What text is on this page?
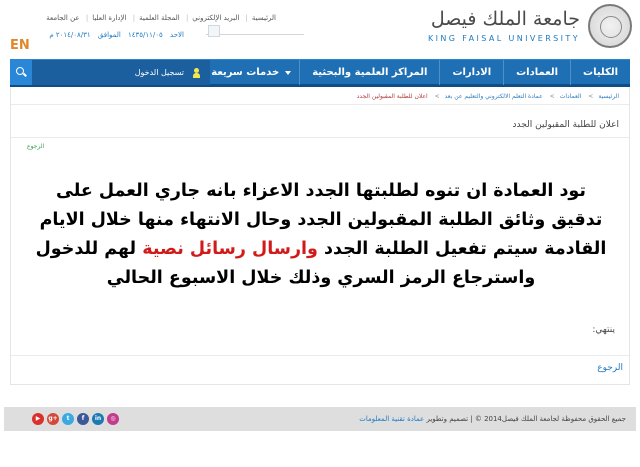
جامعة الملك فيصل
KING FAISAL UNIVERSITY
EN
الرئيسية| البريد الإلكتروني| المجلة العلمية| الإدارة العليا| عن الجامعة
الاحد ١٤٣٥/١١/٠٥ الموافق ٢٠١٤/٠٨/٣١ م
الكليات
العمادات
الادارات
المراكز العلمية والبحثية
خدمات سريعة
تسجيل الدخول
الرئيسية> العمادات> عمادة التعلم الالكتروني والتعليم عن بعد> اعلان للطلبة المقبولين الجدد
اعلان للطلبة المقبولين الجدد
الرجوع
تود العمادة ان تنوه لطلبتها الجدد الاعزاء بانه جاري العمل على تدقيق وثائق الطلبة المقبولين الجدد وحال الانتهاء منها خلال الايام القادمة سيتم تفعيل الطلبة الجدد وارسال رسائل نصية لهم للدخول واسترجاع الرمز السري وذلك خلال الاسبوع الحالي
ينتهي:
الرجوع
جميع الحقوق محفوظة لجامعة الملك فيصل2014 © | تصميم وتطوير عمادة تقنية المعلومات
▶	g+	t	f	in	◎
